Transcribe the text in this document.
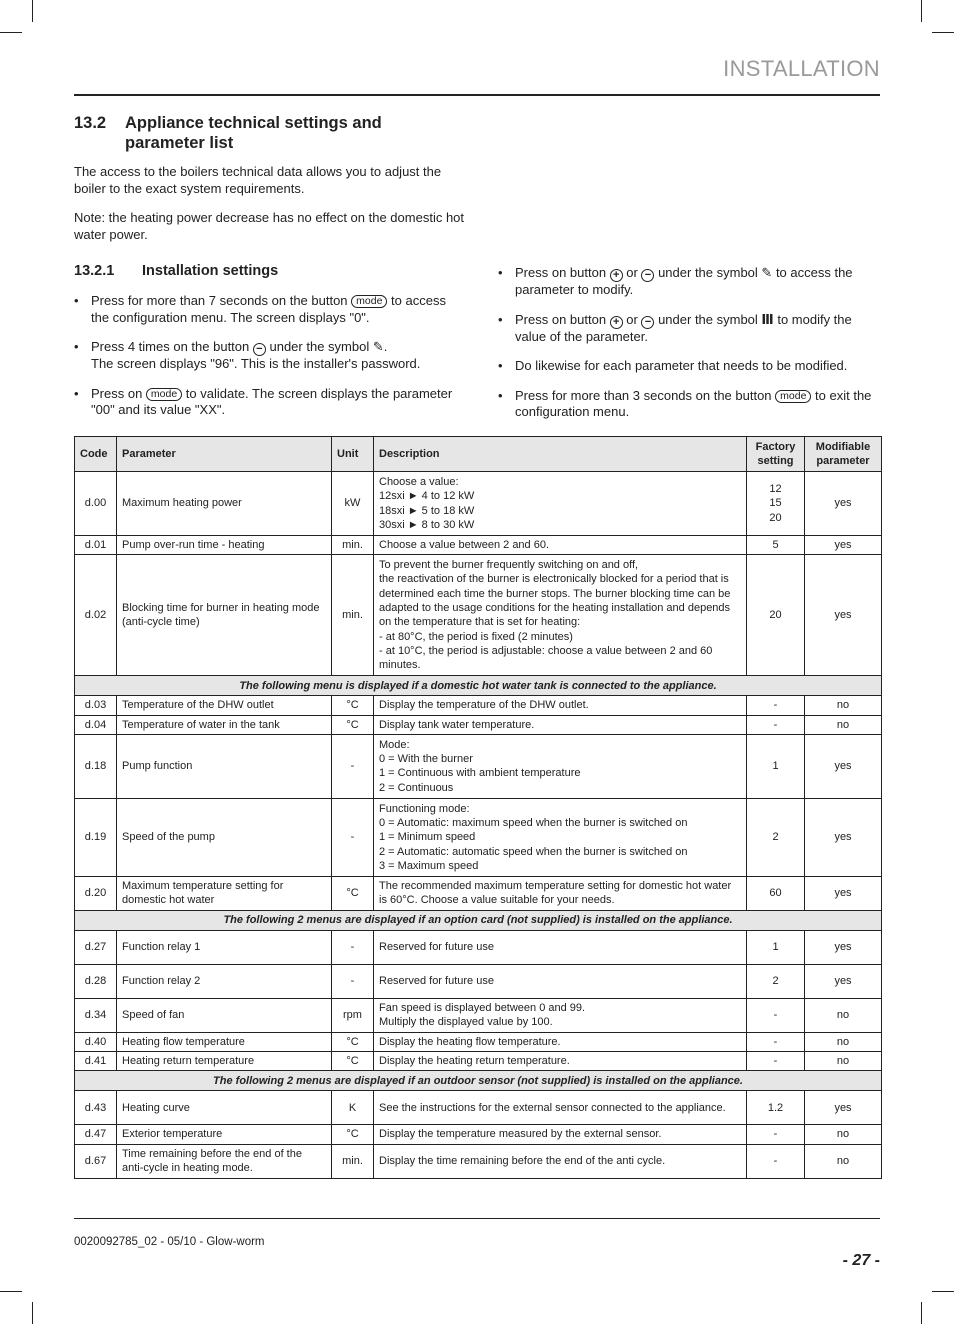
INSTALLATION
13.2	Appliance technical settings and parameter list
The access to the boilers technical data allows you to adjust the boiler to the exact system requirements.
Note: the heating power decrease has no effect on the domestic hot water power.
13.2.1 Installation settings
• Press for more than 7 seconds on the button mode to access the configuration menu. The screen displays "0".
• Press 4 times on the button − under the symbol ✎.
The screen displays "96". This is the installer's password.
• Press on mode to validate. The screen displays the parameter "00" and its value "XX".
• Press on button + or − under the symbol ✎ to access the parameter to modify.
• Press on button + or − under the symbol Ⅲ to modify the value of the parameter.
• Do likewise for each parameter that needs to be modified.
• Press for more than 3 seconds on the button mode to exit the configuration menu.
Code	Parameter	Unit	Description	Factory setting	Modifiable parameter
d.00	Maximum heating power	kW	Choose a value:
12sxi ► 4 to 12 kW
18sxi ► 5 to 18 kW
30sxi ► 8 to 30 kW	12
15
20	yes
d.01	Pump over-run time - heating	min.	Choose a value between 2 and 60.	5	yes
d.02	Blocking time for burner in heating mode (anti-cycle time)	min.	To prevent the burner frequently switching on and off,
the reactivation of the burner is electronically blocked for a period that is determined each time the burner stops. The burner blocking time can be adapted to the usage conditions for the heating installation and depends on the temperature that is set for heating:
- at 80°C, the period is fixed (2 minutes)
- at 10°C, the period is adjustable: choose a value between 2 and 60 minutes.	20	yes
The following menu is displayed if a domestic hot water tank is connected to the appliance.					
d.03	Temperature of the DHW outlet	°C	Display the temperature of the DHW outlet.	-	no
d.04	Temperature of water in the tank	°C	Display tank water temperature.	-	no
d.18	Pump function	-	Mode:
0 = With the burner
1 = Continuous with ambient temperature
2 = Continuous	1	yes
d.19	Speed of the pump	-	Functioning mode:
0 = Automatic: maximum speed when the burner is switched on
1 = Minimum speed
2 = Automatic: automatic speed when the burner is switched on
3 = Maximum speed	2	yes
d.20	Maximum temperature setting for domestic hot water	°C	The recommended maximum temperature setting for domestic hot water is 60°C. Choose a value suitable for your needs.	60	yes
The following 2 menus are displayed if an option card (not supplied) is installed on the appliance.					
d.27	Function relay 1	-	Reserved for future use	1	yes
d.28	Function relay 2	-	Reserved for future use	2	yes
d.34	Speed of fan	rpm	Fan speed is displayed between 0 and 99.
Multiply the displayed value by 100.	-	no
d.40	Heating flow temperature	°C	Display the heating flow temperature.	-	no
d.41	Heating return temperature	°C	Display the heating return temperature.	-	no
The following 2 menus are displayed if an outdoor sensor (not supplied) is installed on the appliance.					
d.43	Heating curve	K	See the instructions for the external sensor connected to the appliance.	1.2	yes
d.47	Exterior temperature	°C	Display the temperature measured by the external sensor.	-	no
d.67	Time remaining before the end of the anti-cycle in heating mode.	min.	Display the time remaining before the end of the anti cycle.	-	no
0020092785_02 - 05/10 - Glow-worm
- 27 -
